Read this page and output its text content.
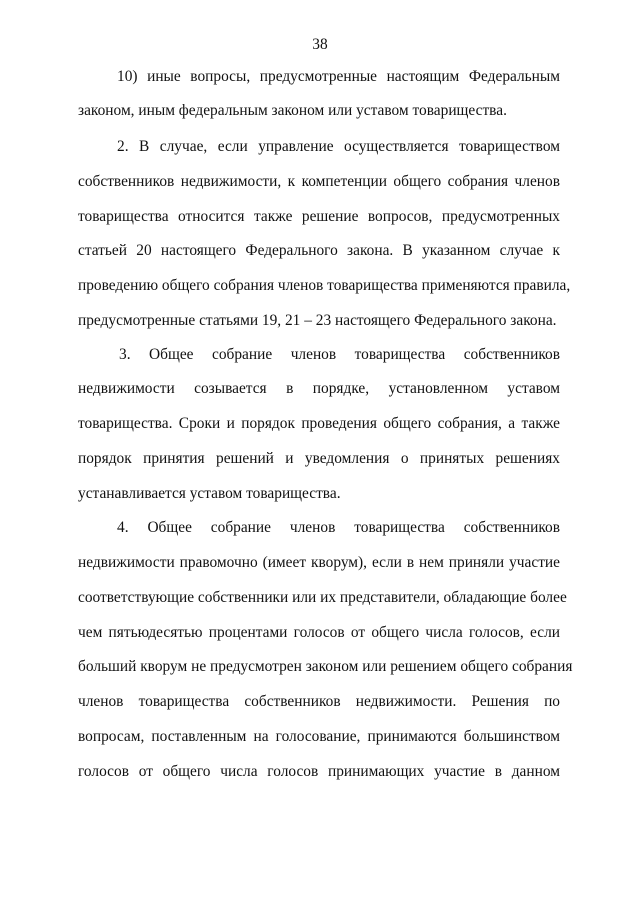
38
10) иные вопросы, предусмотренные настоящим Федеральным
законом, иным федеральным законом или уставом товарищества.
2. В случае, если управление осуществляется товариществом
собственников недвижимости, к компетенции общего собрания членов
товарищества относится также решение вопросов, предусмотренных
статьей 20 настоящего Федерального закона. В указанном случае к
проведению общего собрания членов товарищества применяются правила,
предусмотренные статьями 19, 21 – 23 настоящего Федерального закона.
3. Общее собрание членов товарищества собственников
недвижимости созывается в порядке, установленном уставом
товарищества. Сроки и порядок проведения общего собрания, а также
порядок принятия решений и уведомления о принятых решениях
устанавливается уставом товарищества.
4. Общее собрание членов товарищества собственников
недвижимости правомочно (имеет кворум), если в нем приняли участие
соответствующие собственники или их представители, обладающие более
чем пятьюдесятью процентами голосов от общего числа голосов, если
больший кворум не предусмотрен законом или решением общего собрания
членов товарищества собственников недвижимости. Решения по
вопросам, поставленным на голосование, принимаются большинством
голосов от общего числа голосов принимающих участие в данном
